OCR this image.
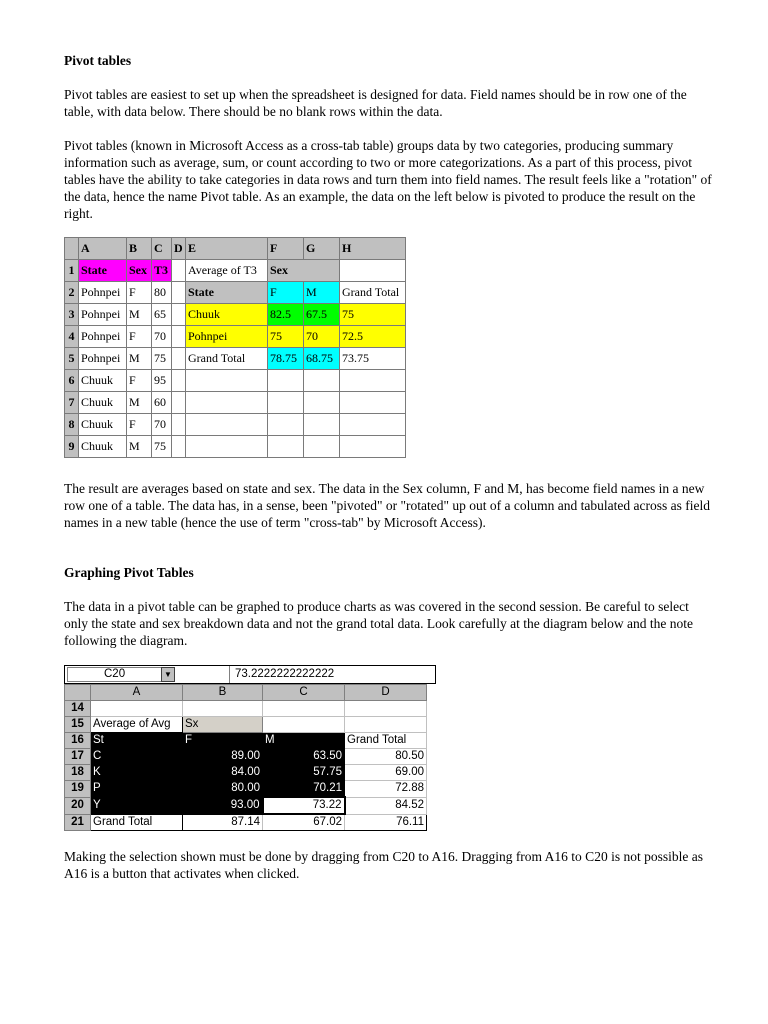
Pivot tables
Pivot tables are easiest to set up when the spreadsheet is designed for data. Field names should be in row one of the table, with data below. There should be no blank rows within the data.
Pivot tables (known in Microsoft Access as a cross-tab table) groups data by two categories, producing summary information such as average, sum, or count according to two or more categorizations. As a part of this process, pivot tables have the ability to take categories in data rows and turn them into field names. The result feels like a "rotation" of the data, hence the name Pivot table. As an example, the data on the left below is pivoted to produce the result on the right.
The result are averages based on state and sex. The data in the Sex column, F and M, has become field names in a new row one of a table. The data has, in a sense, been "pivoted" or "rotated" up out of a column and tabulated across as field names in a new table (hence the use of term "cross-tab" by Microsoft Access).
Graphing Pivot Tables
The data in a pivot table can be graphed to produce charts as was covered in the second session. Be careful to select only the state and sex breakdown data and not the grand total data. Look carefully at the diagram below and the note following the diagram.
Making the selection shown must be done by dragging from C20 to A16. Dragging from A16 to C20 is not possible as A16 is a button that activates when clicked.
	A	B	C	D	E	F	G	H
1	State	Sex	T3		Average of T3	Sex		
2	Pohnpei	F	80		State	F	M	Grand Total
3	Pohnpei	M	65		Chuuk	82.5	67.5	75
4	Pohnpei	F	70		Pohnpei	75	70	72.5
5	Pohnpei	M	75		Grand Total	78.75	68.75	73.75
6	Chuuk	F	95					
7	Chuuk	M	60					
8	Chuuk	F	70					
9	Chuuk	M	75					
C20	▼	73.2222222222222
	A	B	C	D
14				
15	Average of Avg	Sx		
16	St	F	M	Grand Total
17	C	89.00	63.50	80.50
18	K	84.00	57.75	69.00
19	P	80.00	70.21	72.88
20	Y	93.00	73.22	84.52
21	Grand Total	87.14	67.02	76.11
